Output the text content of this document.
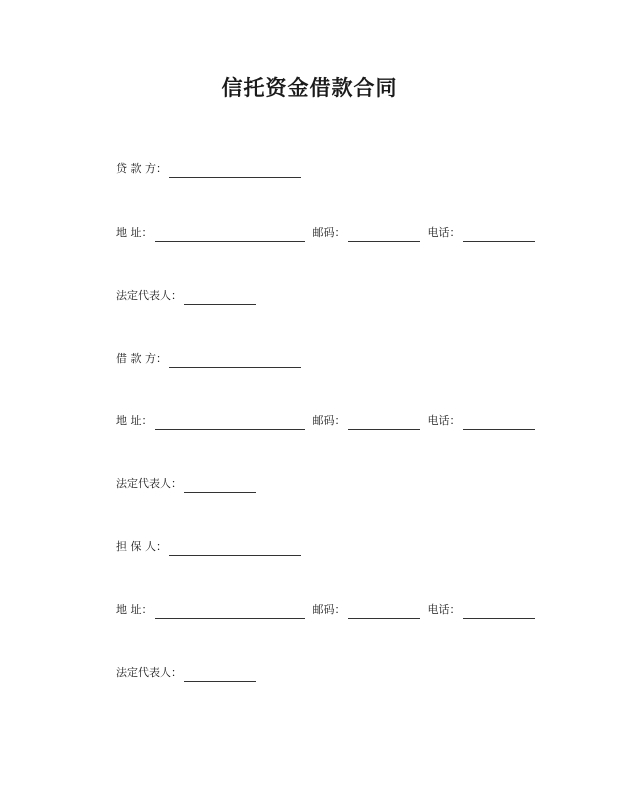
信托资金借款合同
贷 款 方：
地 址：	邮码：	电话：
法定代表人：
借 款 方：
地 址：	邮码：	电话：
法定代表人：
担 保 人：
地 址：	邮码：	电话：
法定代表人：
